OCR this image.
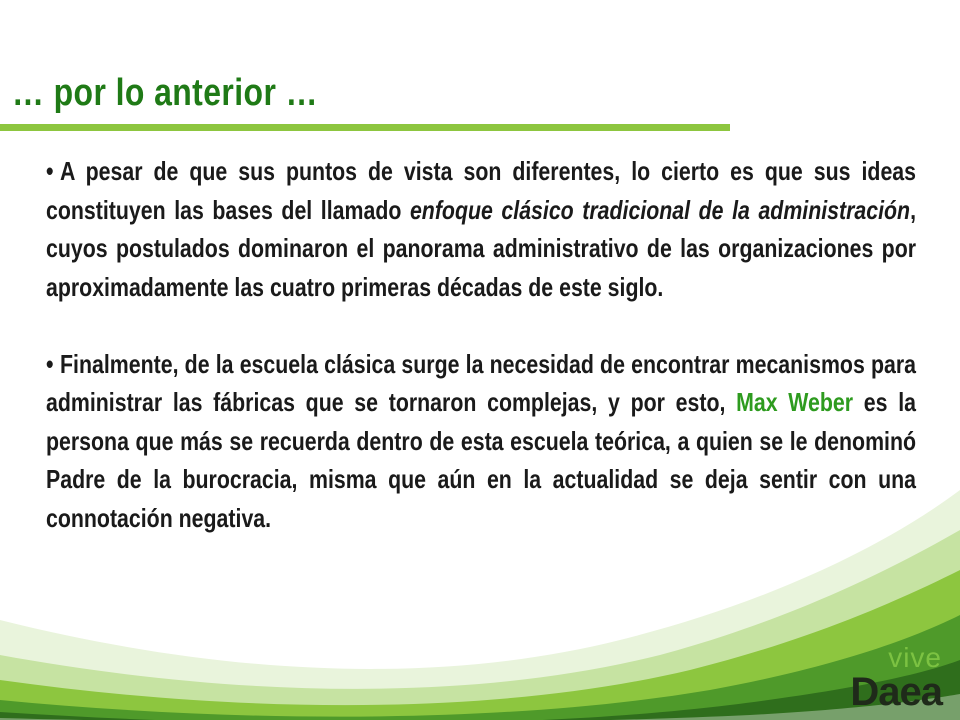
… por lo anterior …

• A pesar de que sus puntos de vista son diferentes, lo cierto es que sus ideas constituyen las bases del llamado enfoque clásico tradicional de la administración, cuyos postulados dominaron el panorama administrativo de las organizaciones por aproximadamente las cuatro primeras décadas de este siglo.

• Finalmente, de la escuela clásica surge la necesidad de encontrar mecanismos para administrar las fábricas que se tornaron complejas, y por esto, Max Weber es la persona que más se recuerda dentro de esta escuela teórica, a quien se le denominó Padre de la burocracia, misma que aún en la actualidad se deja sentir con una connotación negativa.

vive
Daea
